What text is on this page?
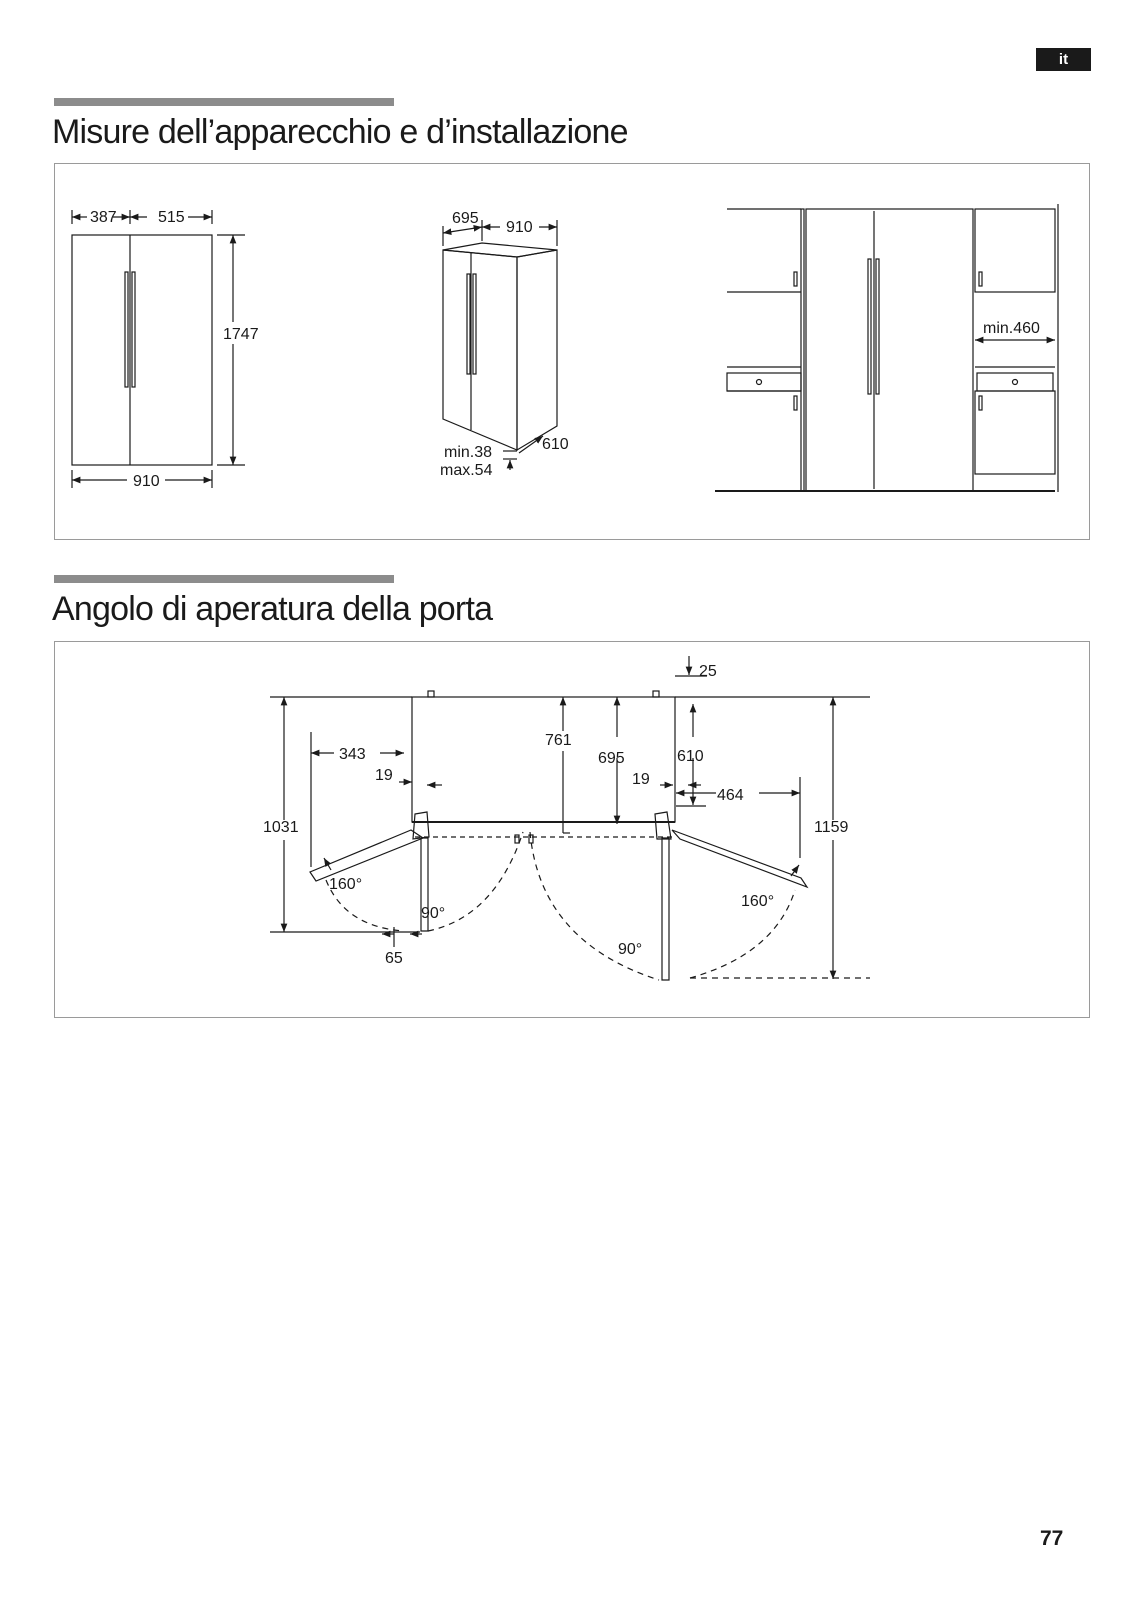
it
Misure dell’apparecchio e d’installazione
387	515
1747
910
695
910
610
min.38
max.54
min.460
Angolo di aperatura della porta
25
761
695	610
343
19	19
464
1031	1159
65
160°
90°
90°
160°
77
